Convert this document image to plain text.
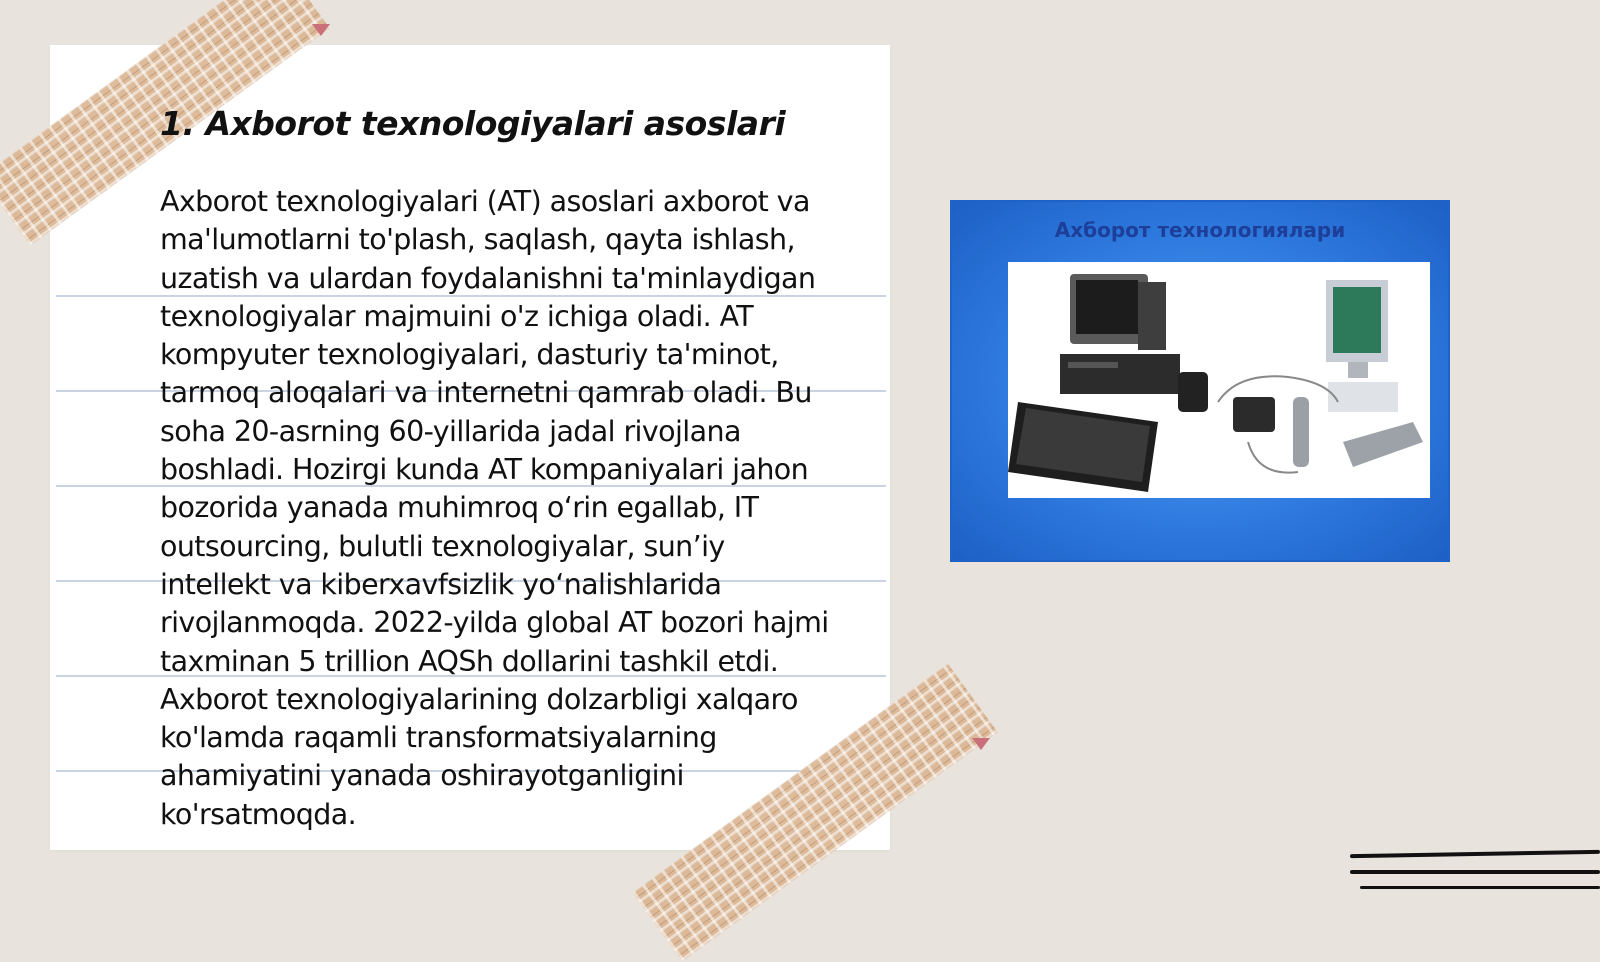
1. Axborot texnologiyalari asoslari

Axborot texnologiyalari (AT) asoslari axborot va ma'lumotlarni to'plash, saqlash, qayta ishlash, uzatish va ulardan foydalanishni ta'minlaydigan texnologiyalar majmuini o'z ichiga oladi. AT kompyuter texnologiyalari, dasturiy ta'minot, tarmoq aloqalari va internetni qamrab oladi. Bu soha 20-asrning 60-yillarida jadal rivojlana boshladi. Hozirgi kunda AT kompaniyalari jahon bozorida yanada muhimroq o‘rin egallab, IT outsourcing, bulutli texnologiyalar, sun’iy intellekt va kiberxavfsizlik yo‘nalishlarida rivojlanmoqda. 2022-yilda global AT bozori hajmi taxminan 5 trillion AQSh dollarini tashkil etdi. Axborot texnologiyalarining dolzarbligi xalqaro ko'lamda raqamli transformatsiyalarning ahamiyatini yanada oshirayotganligini ko'rsatmoqda.

Ахборот технологиялари
